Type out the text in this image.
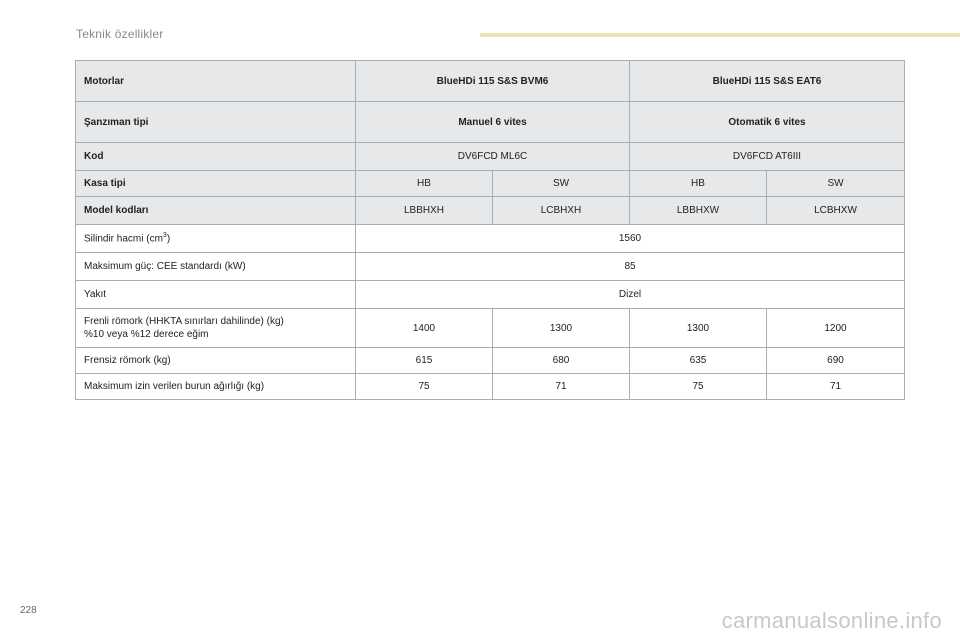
Teknik özellikler
Motorlar	BlueHDi 115 S&S BVM6		BlueHDi 115 S&S EAT6	
Şanzıman tipi	Manuel 6 vites		Otomatik 6 vites	
Kod	DV6FCD ML6C		DV6FCD AT6III	
Kasa tipi	HB	SW	HB	SW
Model kodları	LBBHXH	LCBHXH	LBBHXW	LCBHXW
Silindir hacmi $(cm^3)$	1560			
Maksimum güç: CEE standardı (kW)	85			
Yakıt	Dizel			
Frenli römork (HHKTA sınırları dahilinde) (kg)
%10 veya %12 derece eğim	1400	1300	1300	1200
Frensiz römork (kg)	615	680	635	690
Maksimum izin verilen burun ağırlığı (kg)	75	71	75	71
228	carmanualsonline.info
